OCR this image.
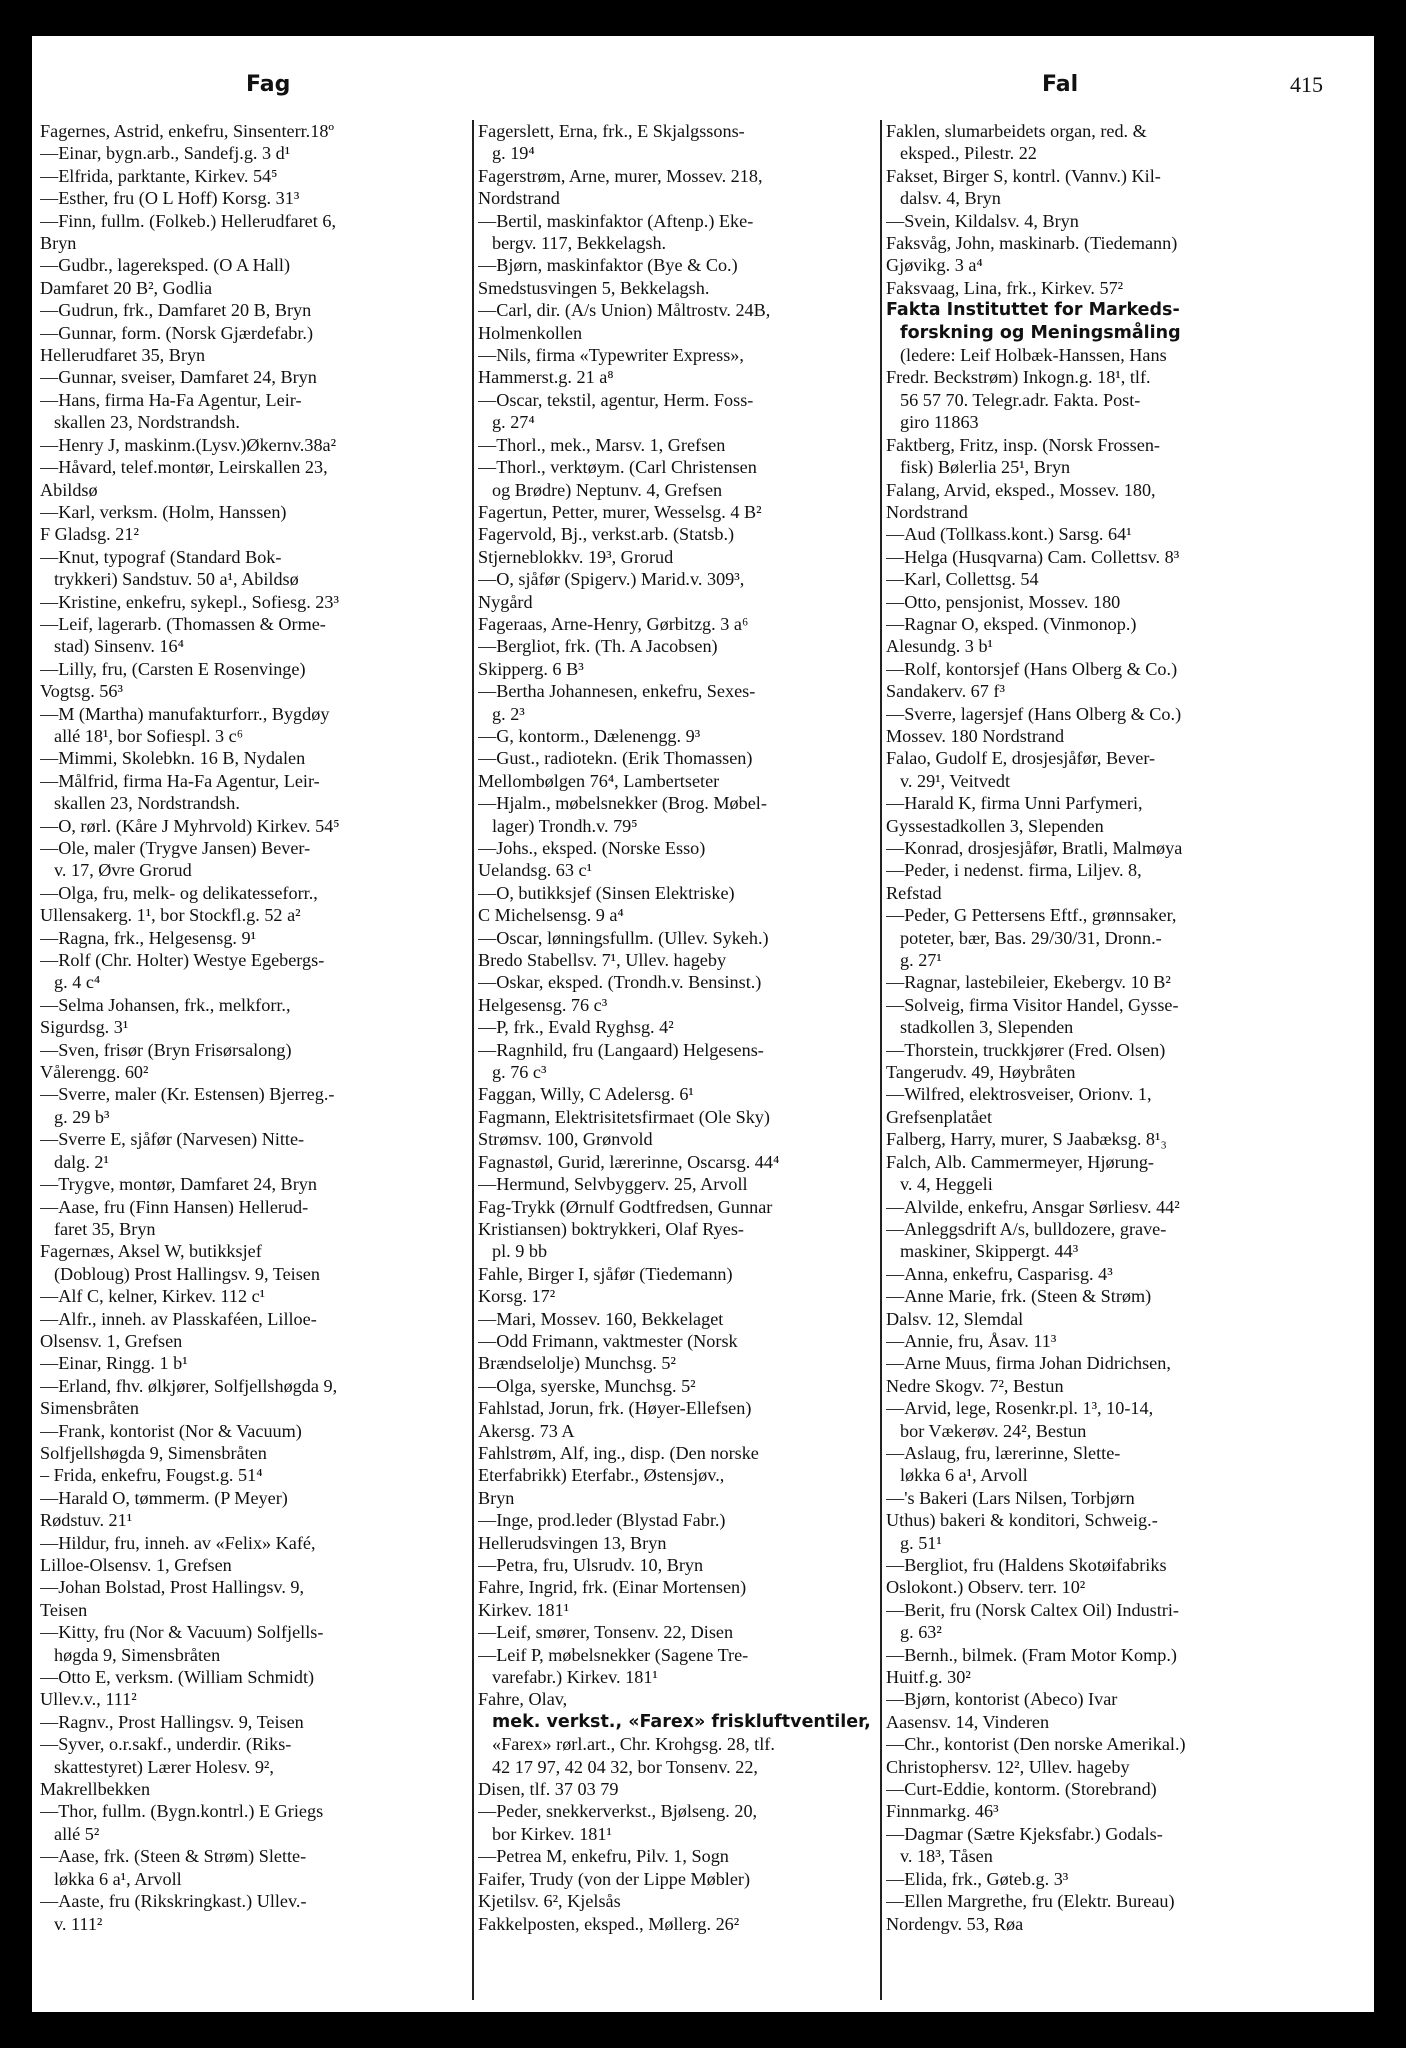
Fag	Fal	415
Fagernes, Astrid, enkefru, Sinsenterr.18º
—Einar, bygn.arb., Sandefj.g. 3 d¹
—Elfrida, parktante, Kirkev. 54⁵
—Esther, fru (O L Hoff) Korsg. 31³
—Finn, fullm. (Folkeb.) Hellerudfaret 6,
Bryn
—Gudbr., lagereksped. (O A Hall)
Damfaret 20 B², Godlia
—Gudrun, frk., Damfaret 20 B, Bryn
—Gunnar, form. (Norsk Gjærdefabr.)
Hellerudfaret 35, Bryn
—Gunnar, sveiser, Damfaret 24, Bryn
—Hans, firma Ha-Fa Agentur, Leir-
skallen 23, Nordstrandsh.
—Henry J, maskinm.(Lysv.)Økernv.38a²
—Håvard, telef.montør, Leirskallen 23,
Abildsø
—Karl, verksm. (Holm, Hanssen)
F Gladsg. 21²
—Knut, typograf (Standard Bok-
trykkeri) Sandstuv. 50 a¹, Abildsø
—Kristine, enkefru, sykepl., Sofiesg. 23³
—Leif, lagerarb. (Thomassen & Orme-
stad) Sinsenv. 16⁴
—Lilly, fru, (Carsten E Rosenvinge)
Vogtsg. 56³
—M (Martha) manufakturforr., Bygdøy
allé 18¹, bor Sofiespl. 3 c⁶
—Mimmi, Skolebkn. 16 B, Nydalen
—Målfrid, firma Ha-Fa Agentur, Leir-
skallen 23, Nordstrandsh.
—O, rørl. (Kåre J Myhrvold) Kirkev. 54⁵
—Ole, maler (Trygve Jansen) Bever-
v. 17, Øvre Grorud
—Olga, fru, melk- og delikatesseforr.,
Ullensakerg. 1¹, bor Stockfl.g. 52 a²
—Ragna, frk., Helgesensg. 9¹
—Rolf (Chr. Holter) Westye Egebergs-
g. 4 c⁴
—Selma Johansen, frk., melkforr.,
Sigurdsg. 3¹
—Sven, frisør (Bryn Frisørsalong)
Vålerengg. 60²
—Sverre, maler (Kr. Estensen) Bjerreg.-
g. 29 b³
—Sverre E, sjåfør (Narvesen) Nitte-
dalg. 2¹
—Trygve, montør, Damfaret 24, Bryn
—Aase, fru (Finn Hansen) Hellerud-
faret 35, Bryn
Fagernæs, Aksel W, butikksjef
(Dobloug) Prost Hallingsv. 9, Teisen
—Alf C, kelner, Kirkev. 112 c¹
—Alfr., inneh. av Plasskaféen, Lilloe-
Olsensv. 1, Grefsen
—Einar, Ringg. 1 b¹
—Erland, fhv. ølkjører, Solfjellshøgda 9,
Simensbråten
—Frank, kontorist (Nor & Vacuum)
Solfjellshøgda 9, Simensbråten
– Frida, enkefru, Fougst.g. 51⁴
—Harald O, tømmerm. (P Meyer)
Rødstuv. 21¹
—Hildur, fru, inneh. av «Felix» Kafé,
Lilloe-Olsensv. 1, Grefsen
—Johan Bolstad, Prost Hallingsv. 9,
Teisen
—Kitty, fru (Nor & Vacuum) Solfjells-
høgda 9, Simensbråten
—Otto E, verksm. (William Schmidt)
Ullev.v., 111²
—Ragnv., Prost Hallingsv. 9, Teisen
—Syver, o.r.sakf., underdir. (Riks-
skattestyret) Lærer Holesv. 9²,
Makrellbekken
—Thor, fullm. (Bygn.kontrl.) E Griegs
allé 5²
—Aase, frk. (Steen & Strøm) Slette-
løkka 6 a¹, Arvoll
—Aaste, fru (Rikskringkast.) Ullev.-
v. 111²
Fagerslett, Erna, frk., E Skjalgssons-
g. 19⁴
Fagerstrøm, Arne, murer, Mossev. 218,
Nordstrand
—Bertil, maskinfaktor (Aftenp.) Eke-
bergv. 117, Bekkelagsh.
—Bjørn, maskinfaktor (Bye & Co.)
Smedstusvingen 5, Bekkelagsh.
—Carl, dir. (A/s Union) Måltrostv. 24B,
Holmenkollen
—Nils, firma «Typewriter Express»,
Hammerst.g. 21 a⁸
—Oscar, tekstil, agentur, Herm. Foss-
g. 27⁴
—Thorl., mek., Marsv. 1, Grefsen
—Thorl., verktøym. (Carl Christensen
og Brødre) Neptunv. 4, Grefsen
Fagertun, Petter, murer, Wesselsg. 4 B²
Fagervold, Bj., verkst.arb. (Statsb.)
Stjerneblokkv. 19³, Grorud
—O, sjåfør (Spigerv.) Marid.v. 309³,
Nygård
Fageraas, Arne-Henry, Gørbitzg. 3 a⁶
—Bergliot, frk. (Th. A Jacobsen)
Skipperg. 6 B³
—Bertha Johannesen, enkefru, Sexes-
g. 2³
—G, kontorm., Dælenengg. 9³
—Gust., radiotekn. (Erik Thomassen)
Mellombølgen 76⁴, Lambertseter
—Hjalm., møbelsnekker (Brog. Møbel-
lager) Trondh.v. 79⁵
—Johs., eksped. (Norske Esso)
Uelandsg. 63 c¹
—O, butikksjef (Sinsen Elektriske)
C Michelsensg. 9 a⁴
—Oscar, lønningsfullm. (Ullev. Sykeh.)
Bredo Stabellsv. 7¹, Ullev. hageby
—Oskar, eksped. (Trondh.v. Bensinst.)
Helgesensg. 76 c³
—P, frk., Evald Ryghsg. 4²
—Ragnhild, fru (Langaard) Helgesens-
g. 76 c³
Faggan, Willy, C Adelersg. 6¹
Fagmann, Elektrisitetsfirmaet (Ole Sky)
Strømsv. 100, Grønvold
Fagnastøl, Gurid, lærerinne, Oscarsg. 44⁴
—Hermund, Selvbyggerv. 25, Arvoll
Fag-Trykk (Ørnulf Godtfredsen, Gunnar
Kristiansen) boktrykkeri, Olaf Ryes-
pl. 9 bb
Fahle, Birger I, sjåfør (Tiedemann)
Korsg. 17²
—Mari, Mossev. 160, Bekkelaget
—Odd Frimann, vaktmester (Norsk
Brændselolje) Munchsg. 5²
—Olga, syerske, Munchsg. 5²
Fahlstad, Jorun, frk. (Høyer-Ellefsen)
Akersg. 73 A
Fahlstrøm, Alf, ing., disp. (Den norske
Eterfabrikk) Eterfabr., Østensjøv.,
Bryn
—Inge, prod.leder (Blystad Fabr.)
Hellerudsvingen 13, Bryn
—Petra, fru, Ulsrudv. 10, Bryn
Fahre, Ingrid, frk. (Einar Mortensen)
Kirkev. 181¹
—Leif, smører, Tonsenv. 22, Disen
—Leif P, møbelsnekker (Sagene Tre-
varefabr.) Kirkev. 181¹
Fahre, Olav,
mek. verkst., «Farex» friskluftventiler,
«Farex» rørl.art., Chr. Krohgsg. 28, tlf.
42 17 97, 42 04 32, bor Tonsenv. 22,
Disen, tlf. 37 03 79
—Peder, snekkerverkst., Bjølseng. 20,
bor Kirkev. 181¹
—Petrea M, enkefru, Pilv. 1, Sogn
Faifer, Trudy (von der Lippe Møbler)
Kjetilsv. 6², Kjelsås
Fakkelposten, eksped., Møllerg. 26²
Faklen, slumarbeidets organ, red. &
eksped., Pilestr. 22
Fakset, Birger S, kontrl. (Vannv.) Kil-
dalsv. 4, Bryn
—Svein, Kildalsv. 4, Bryn
Faksvåg, John, maskinarb. (Tiedemann)
Gjøvikg. 3 a⁴
Faksvaag, Lina, frk., Kirkev. 57²
Fakta Instituttet for Markeds-
forskning og Meningsmåling
(ledere: Leif Holbæk-Hanssen, Hans
Fredr. Beckstrøm) Inkogn.g. 18¹, tlf.
56 57 70. Telegr.adr. Fakta. Post-
giro 11863
Faktberg, Fritz, insp. (Norsk Frossen-
fisk) Bølerlia 25¹, Bryn
Falang, Arvid, eksped., Mossev. 180,
Nordstrand
—Aud (Tollkass.kont.) Sarsg. 64¹
—Helga (Husqvarna) Cam. Collettsv. 8³
—Karl, Collettsg. 54
—Otto, pensjonist, Mossev. 180
—Ragnar O, eksped. (Vinmonop.)
Alesundg. 3 b¹
—Rolf, kontorsjef (Hans Olberg & Co.)
Sandakerv. 67 f³
—Sverre, lagersjef (Hans Olberg & Co.)
Mossev. 180 Nordstrand
Falao, Gudolf E, drosjesjåfør, Bever-
v. 29¹, Veitvedt
—Harald K, firma Unni Parfymeri,
Gyssestadkollen 3, Slependen
—Konrad, drosjesjåfør, Bratli, Malmøya
—Peder, i nedenst. firma, Liljev. 8,
Refstad
—Peder, G Pettersens Eftf., grønnsaker,
poteter, bær, Bas. 29/30/31, Dronn.-
g. 27¹
—Ragnar, lastebileier, Ekebergv. 10 B²
—Solveig, firma Visitor Handel, Gysse-
stadkollen 3, Slependen
—Thorstein, truckkjører (Fred. Olsen)
Tangerudv. 49, Høybråten
—Wilfred, elektrosveiser, Orionv. 1,
Grefsenplatået
Falberg, Harry, murer, S Jaabæksg. 8¹₃
Falch, Alb. Cammermeyer, Hjørung-
v. 4, Heggeli
—Alvilde, enkefru, Ansgar Sørliesv. 44²
—Anleggsdrift A/s, bulldozere, grave-
maskiner, Skippergt. 44³
—Anna, enkefru, Casparisg. 4³
—Anne Marie, frk. (Steen & Strøm)
Dalsv. 12, Slemdal
—Annie, fru, Åsav. 11³
—Arne Muus, firma Johan Didrichsen,
Nedre Skogv. 7², Bestun
—Arvid, lege, Rosenkr.pl. 1³, 10-14,
bor Vækerøv. 24², Bestun
—Aslaug, fru, lærerinne, Slette-
løkka 6 a¹, Arvoll
—'s Bakeri (Lars Nilsen, Torbjørn
Uthus) bakeri & konditori, Schweig.-
g. 51¹
—Bergliot, fru (Haldens Skotøifabriks
Oslokont.) Observ. terr. 10²
—Berit, fru (Norsk Caltex Oil) Industri-
g. 63²
—Bernh., bilmek. (Fram Motor Komp.)
Huitf.g. 30²
—Bjørn, kontorist (Abeco) Ivar
Aasensv. 14, Vinderen
—Chr., kontorist (Den norske Amerikal.)
Christophersv. 12², Ullev. hageby
—Curt-Eddie, kontorm. (Storebrand)
Finnmarkg. 46³
—Dagmar (Sætre Kjeksfabr.) Godals-
v. 18³, Tåsen
—Elida, frk., Gøteb.g. 3³
—Ellen Margrethe, fru (Elektr. Bureau)
Nordengv. 53, Røa
